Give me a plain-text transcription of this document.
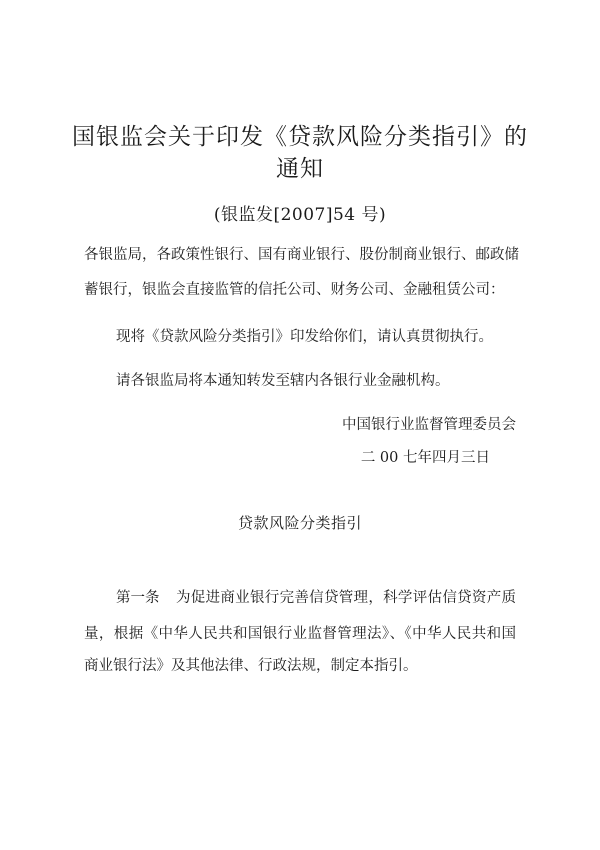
国银监会关于印发《贷款风险分类指引》的
通知
(银监发[2007]54 号)
各银监局，各政策性银行、国有商业银行、股份制商业银行、邮政储
蓄银行，银监会直接监管的信托公司、财务公司、金融租赁公司：
现将《贷款风险分类指引》印发给你们，请认真贯彻执行。
请各银监局将本通知转发至辖内各银行业金融机构。
中国银行业监督管理委员会
二 00 七年四月三日
贷款风险分类指引
第一条 为促进商业银行完善信贷管理，科学评估信贷资产质
量，根据《中华人民共和国银行业监督管理法》、《中华人民共和国
商业银行法》及其他法律、行政法规，制定本指引。
